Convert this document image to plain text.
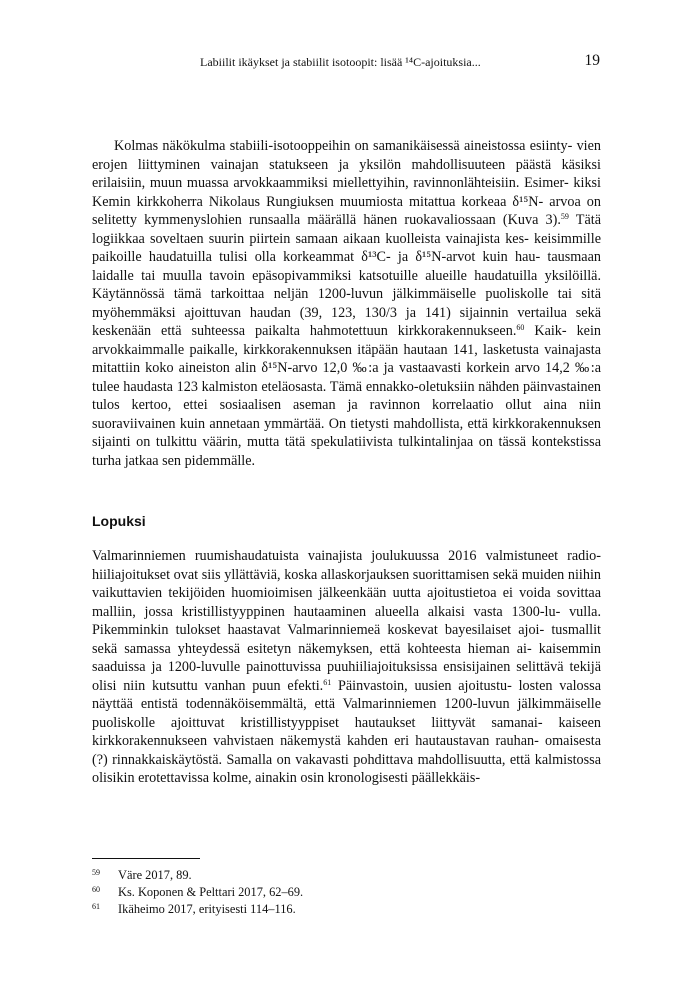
Labiilit ikäykset ja stabiilit isotoopit: lisää ¹⁴C-ajoituksia...	19

Kolmas näkökulma stabiili-isotooppeihin on samanikäisessä aineistossa esiinty- vien erojen liittyminen vainajan statukseen ja yksilön mahdollisuuteen päästä käsiksi erilaisiin, muun muassa arvokkaammiksi miellettyihin, ravinnonlähteisiin. Esimer- kiksi Kemin kirkkoherra Nikolaus Rungiuksen muumiosta mitattua korkeaa δ¹⁵N- arvoa on selitetty kymmenyslohien runsaalla määrällä hänen ruokavaliossaan (Kuva 3).$^{59}$ Tätä logiikkaa soveltaen suurin piirtein samaan aikaan kuolleista vainajista kes- keisimmille paikoille haudatuilla tulisi olla korkeammat δ¹³C- ja δ¹⁵N-arvot kuin hau- tausmaan laidalle tai muulla tavoin epäsopivammiksi katsotuille alueille haudatuilla yksilöillä. Käytännössä tämä tarkoittaa neljän 1200-luvun jälkimmäiselle puoliskolle tai sitä myöhemmäksi ajoittuvan haudan (39, 123, 130/3 ja 141) sijainnin vertailua sekä keskenään että suhteessa paikalta hahmotettuun kirkkorakennukseen.$^{60}$ Kaik- kein arvokkaimmalle paikalle, kirkkorakennuksen itäpään hautaan 141, lasketusta vainajasta mitattiin koko aineiston alin δ¹⁵N-arvo 12,0 ‰:a ja vastaavasti korkein arvo 14,2 ‰:a tulee haudasta 123 kalmiston eteläosasta. Tämä ennakko-oletuksiin nähden päinvastainen tulos kertoo, ettei sosiaalisen aseman ja ravinnon korrelaatio ollut aina niin suoraviivainen kuin annetaan ymmärtää. On tietysti mahdollista, että kirkkorakennuksen sijainti on tulkittu väärin, mutta tätä spekulatiivista tulkintalinjaa on tässä kontekstissa turha jatkaa sen pidemmälle.

Lopuksi

Valmarinniemen ruumishaudatuista vainajista joulukuussa 2016 valmistuneet radio- hiiliajoitukset ovat siis yllättäviä, koska allaskorjauksen suorittamisen sekä muiden niihin vaikuttavien tekijöiden huomioimisen jälkeenkään uutta ajoitustietoa ei voida sovittaa malliin, jossa kristillistyyppinen hautaaminen alueella alkaisi vasta 1300-lu- vulla. Pikemminkin tulokset haastavat Valmarinniemeä koskevat bayesilaiset ajoi- tusmallit sekä samassa yhteydessä esitetyn näkemyksen, että kohteesta hieman ai- kaisemmin saaduissa ja 1200-luvulle painottuvissa puuhiiliajoituksissa ensisijainen selittävä tekijä olisi niin kutsuttu vanhan puun efekti.$^{61}$ Päinvastoin, uusien ajoitustu- losten valossa näyttää entistä todennäköisemmältä, että Valmarinniemen 1200-luvun jälkimmäiselle puoliskolle ajoittuvat kristillistyyppiset hautaukset liittyvät samanai- kaiseen kirkkorakennukseen vahvistaen näkemystä kahden eri hautaustavan rauhan- omaisesta (?) rinnakkaiskäytöstä. Samalla on vakavasti pohdittava mahdollisuutta, että kalmistossa olisikin erotettavissa kolme, ainakin osin kronologisesti päällekkäis-

59 Väre 2017, 89.
60 Ks. Koponen & Pelttari 2017, 62–69.
61 Ikäheimo 2017, erityisesti 114–116.
